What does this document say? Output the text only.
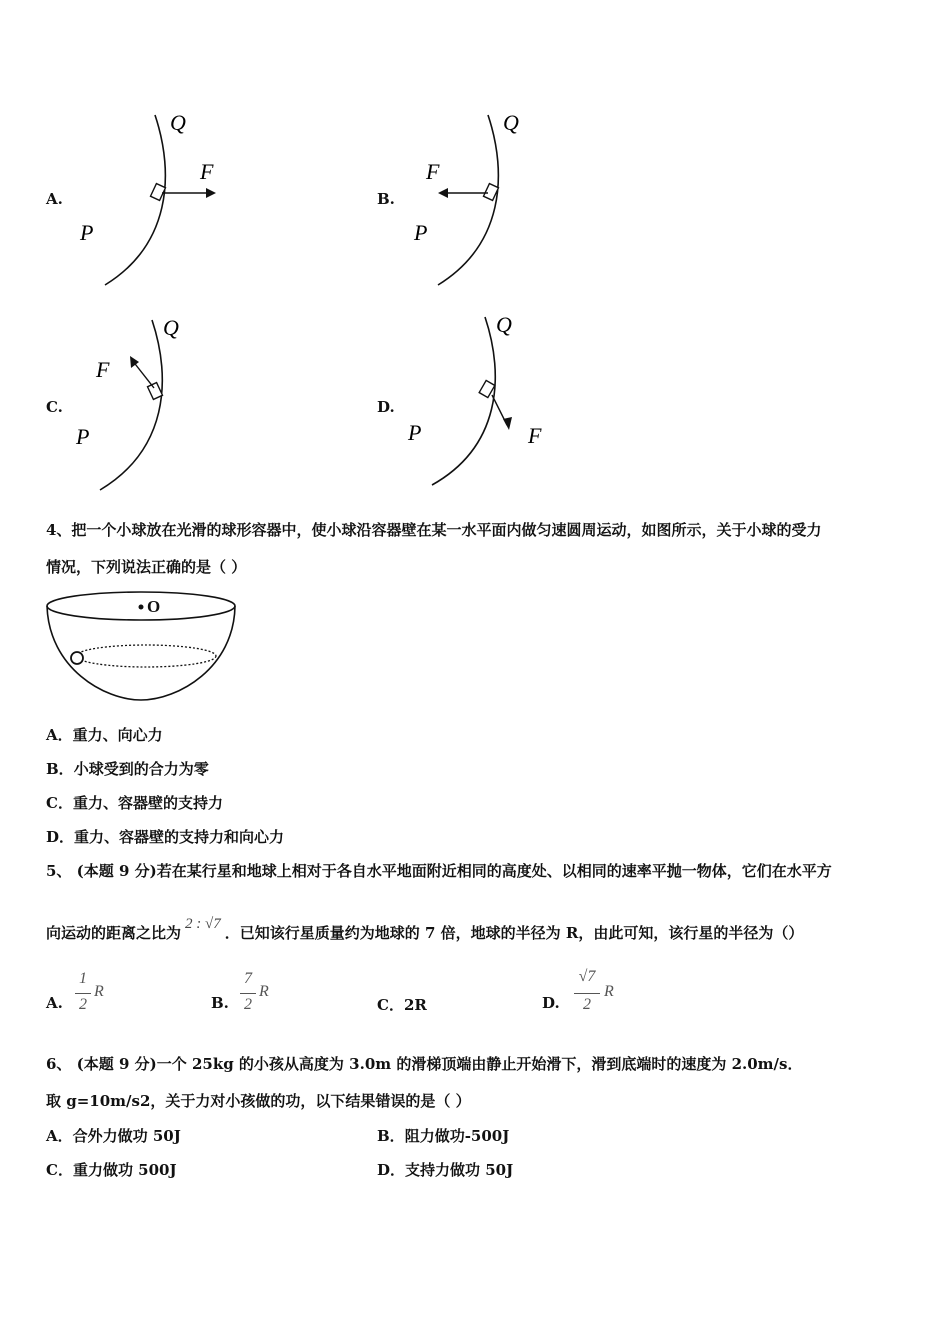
A.
Q
F
P
B.
Q
F
P
C.
Q
F
P
D.
Q
F
P
4、把一个小球放在光滑的球形容器中，使小球沿容器壁在某一水平面内做匀速圆周运动，如图所示，关于小球的受力
情况，下列说法正确的是（ ）
O
A．重力、向心力
B．小球受到的合力为零
C．重力、容器壁的支持力
D．重力、容器壁的支持力和向心力
5、 (本题 9 分)若在某行星和地球上相对于各自水平地面附近相同的高度处、以相同的速率平抛一物体，它们在水平方
向运动的距离之比为 2 : √7 ．已知该行星质量约为地球的 7 倍，地球的半径为 R，由此可知，该行星的半径为（）
A.
1
2
R
B.
7
2
R
C．2R	D.
√7
2
R
6、 (本题 9 分)一个 25kg 的小孩从高度为 3.0m 的滑梯顶端由静止开始滑下，滑到底端时的速度为 2.0m/s．
取 g=10m/s2，关于力对小孩做的功，以下结果错误的是（ ）
A．合外力做功 50J	B．阻力做功-500J
C．重力做功 500J	D．支持力做功 50J
